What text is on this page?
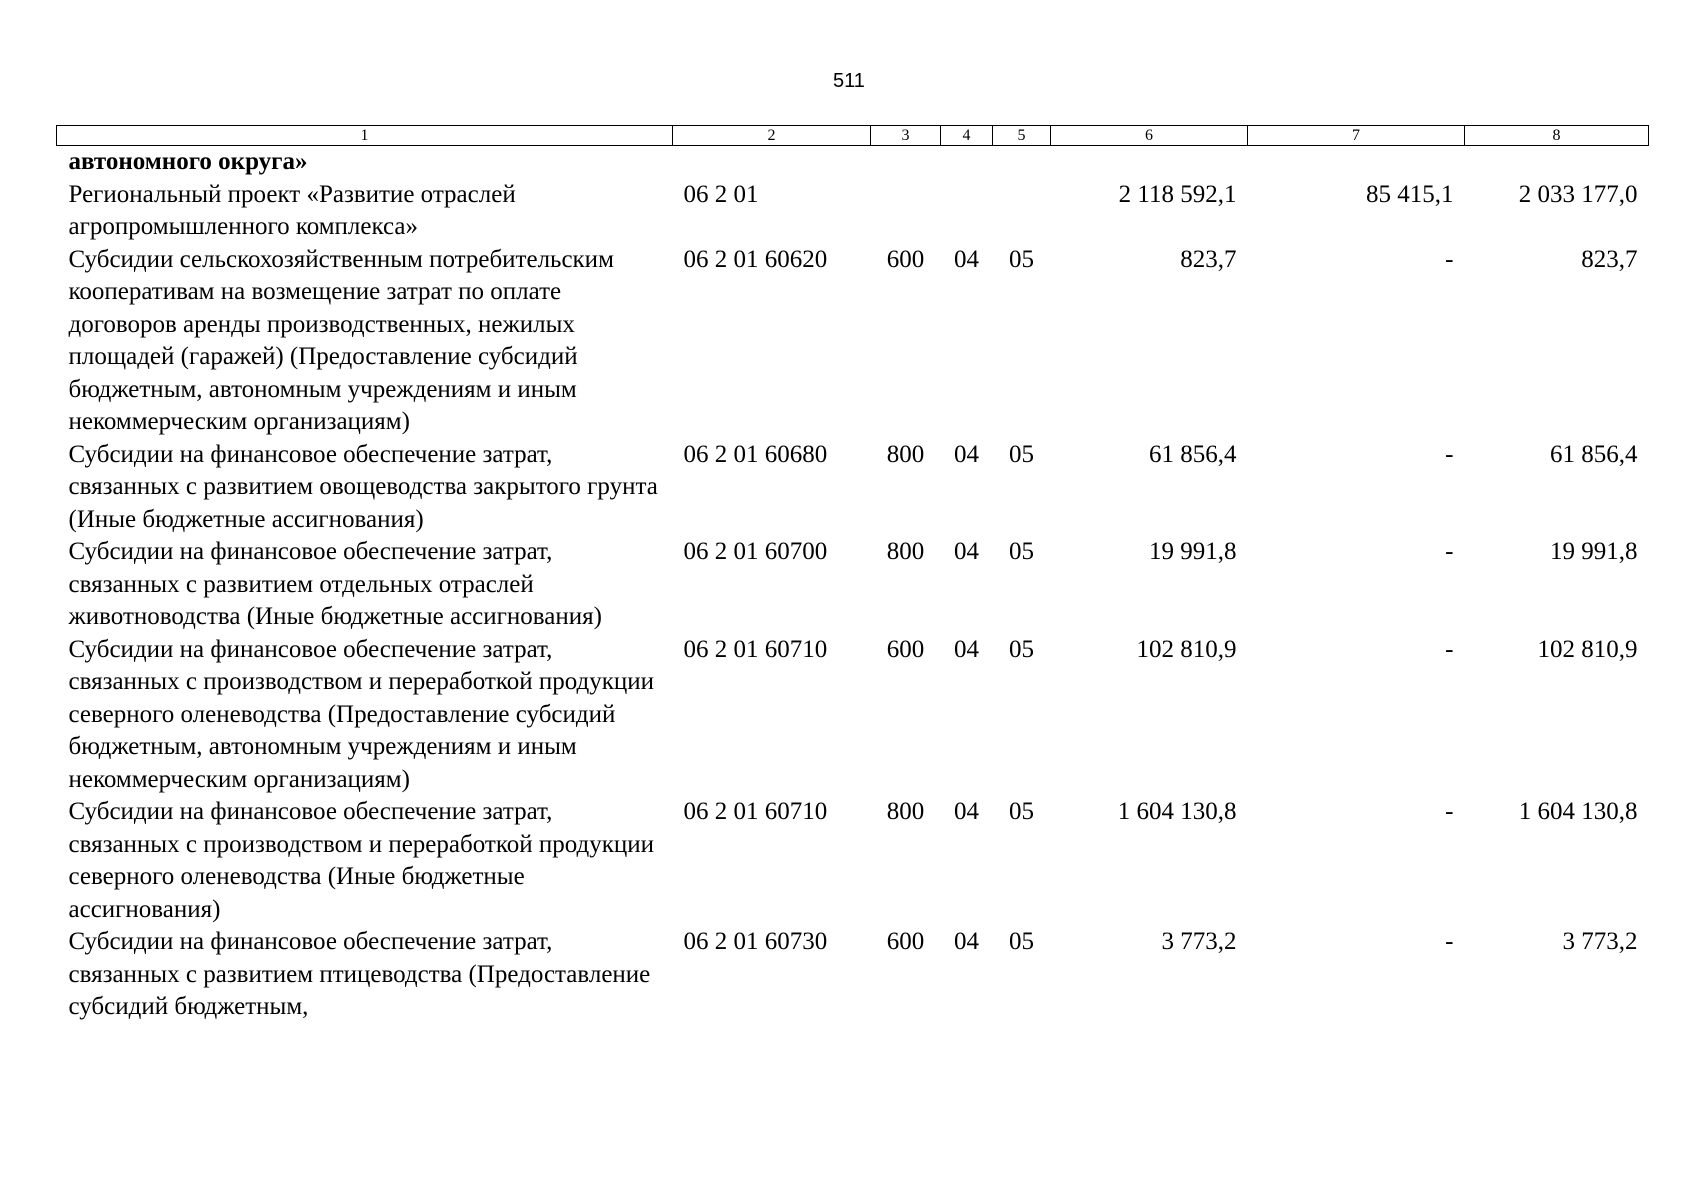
511
1	2	3	4	5	6	7	8
автономного округа»							
Региональный проект «Развитие отраслей агропромышленного комплекса»	06 2 01				2 118 592,1	85 415,1	2 033 177,0
Субсидии сельскохозяйственным потребительским кооперативам на возмещение затрат по оплате договоров аренды производственных, нежилых площадей (гаражей) (Предоставление субсидий бюджетным, автономным учреждениям и иным некоммерческим организациям)	06 2 01 60620	600	04	05	823,7	-	823,7
Субсидии на финансовое обеспечение затрат, связанных с развитием овощеводства закрытого грунта (Иные бюджетные ассигнования)	06 2 01 60680	800	04	05	61 856,4	-	61 856,4
Субсидии на финансовое обеспечение затрат, связанных с развитием отдельных отраслей животноводства (Иные бюджетные ассигнования)	06 2 01 60700	800	04	05	19 991,8	-	19 991,8
Субсидии на финансовое обеспечение затрат, связанных с производством и переработкой продукции северного оленеводства (Предоставление субсидий бюджетным, автономным учреждениям и иным некоммерческим организациям)	06 2 01 60710	600	04	05	102 810,9	-	102 810,9
Субсидии на финансовое обеспечение затрат, связанных с производством и переработкой продукции северного оленеводства (Иные бюджетные ассигнования)	06 2 01 60710	800	04	05	1 604 130,8	-	1 604 130,8
Субсидии на финансовое обеспечение затрат, связанных с развитием птицеводства (Предоставление субсидий бюджетным,	06 2 01 60730	600	04	05	3 773,2	-	3 773,2
